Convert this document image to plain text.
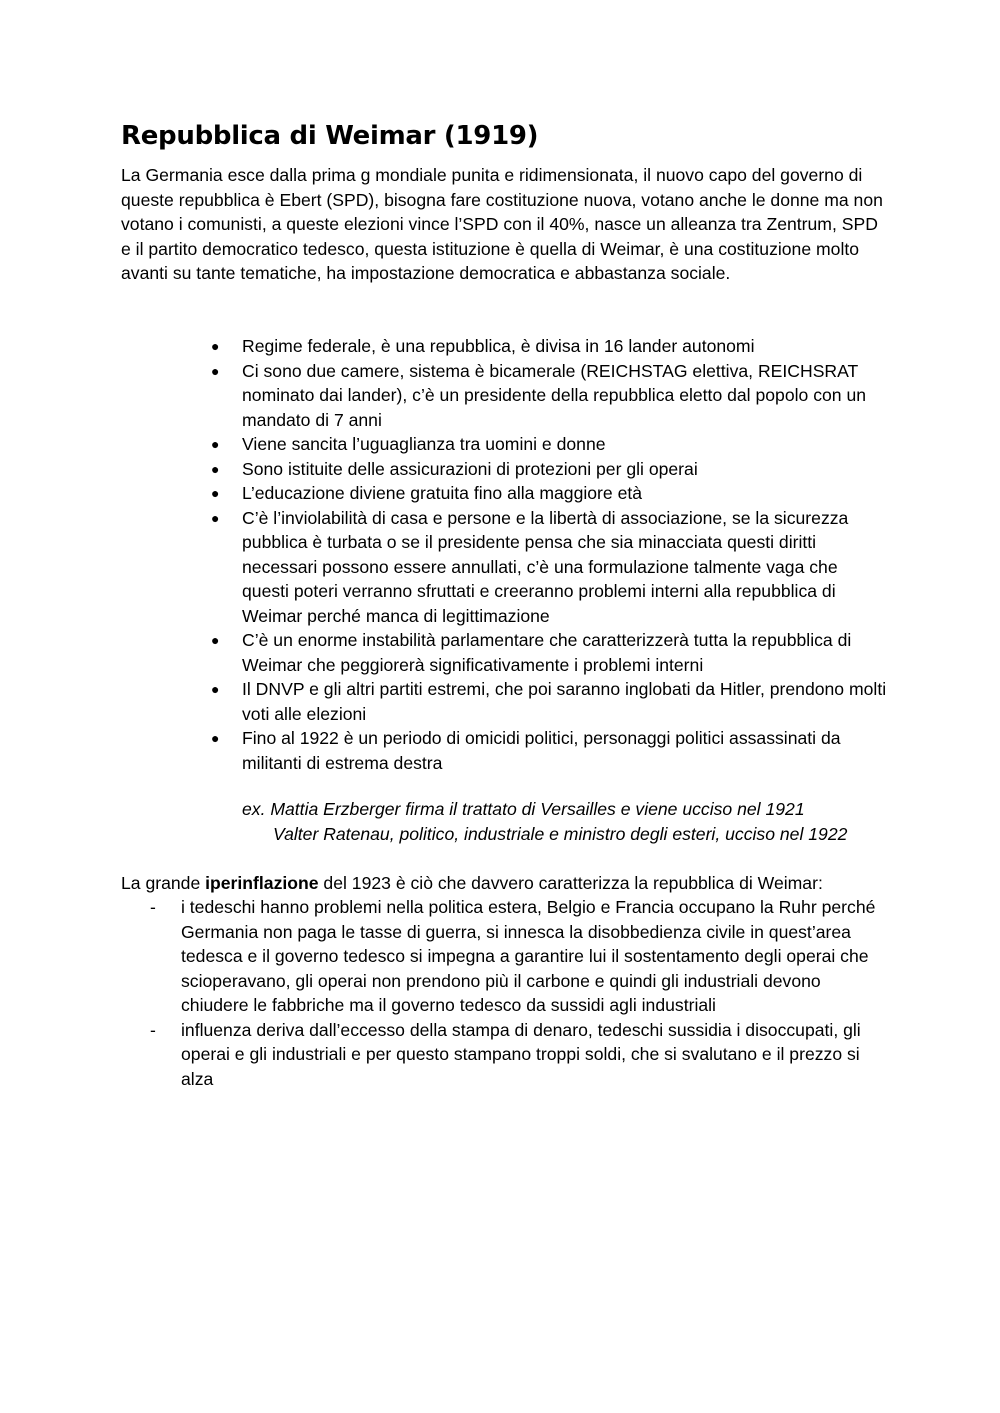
Repubblica di Weimar (1919)

La Germania esce dalla prima g mondiale punita e ridimensionata, il nuovo capo del governo di queste repubblica è Ebert (SPD), bisogna fare costituzione nuova, votano anche le donne ma non votano i comunisti, a queste elezioni vince l’SPD con il 40%, nasce un alleanza tra Zentrum, SPD e il partito democratico tedesco, questa istituzione è quella di Weimar, è una costituzione molto avanti su tante tematiche, ha impostazione democratica e abbastanza sociale.

● Regime federale, è una repubblica, è divisa in 16 lander autonomi
● Ci sono due camere, sistema è bicamerale (REICHSTAG elettiva, REICHSRAT nominato dai lander), c’è un presidente della repubblica eletto dal popolo con un mandato di 7 anni
● Viene sancita l’uguaglianza tra uomini e donne
● Sono istituite delle assicurazioni di protezioni per gli operai
● L’educazione diviene gratuita fino alla maggiore età
● C’è l’inviolabilità di casa e persone e la libertà di associazione, se la sicurezza pubblica è turbata o se il presidente pensa che sia minacciata questi diritti necessari possono essere annullati, c’è una formulazione talmente vaga che questi poteri verranno sfruttati e creeranno problemi interni alla repubblica di Weimar perché manca di legittimazione
● C’è un enorme instabilità parlamentare che caratterizzerà tutta la repubblica di Weimar che peggiorerà significativamente i problemi interni
● Il DNVP e gli altri partiti estremi, che poi saranno inglobati da Hitler, prendono molti voti alle elezioni
● Fino al 1922 è un periodo di omicidi politici, personaggi politici assassinati da militanti di estrema destra

ex. Mattia Erzberger firma il trattato di Versailles e viene ucciso nel 1921
Valter Ratenau, politico, industriale e ministro degli esteri, ucciso nel 1922

La grande iperinflazione del 1923 è ciò che davvero caratterizza la repubblica di Weimar:

- i tedeschi hanno problemi nella politica estera, Belgio e Francia occupano la Ruhr perché Germania non paga le tasse di guerra, si innesca la disobbedienza civile in quest’area tedesca e il governo tedesco si impegna a garantire lui il sostentamento degli operai che scioperavano, gli operai non prendono più il carbone e quindi gli industriali devono chiudere le fabbriche ma il governo tedesco da sussidi agli industriali
- influenza deriva dall’eccesso della stampa di denaro, tedeschi sussidia i disoccupati, gli operai e gli industriali e per questo stampano troppi soldi, che si svalutano e il prezzo si alza
